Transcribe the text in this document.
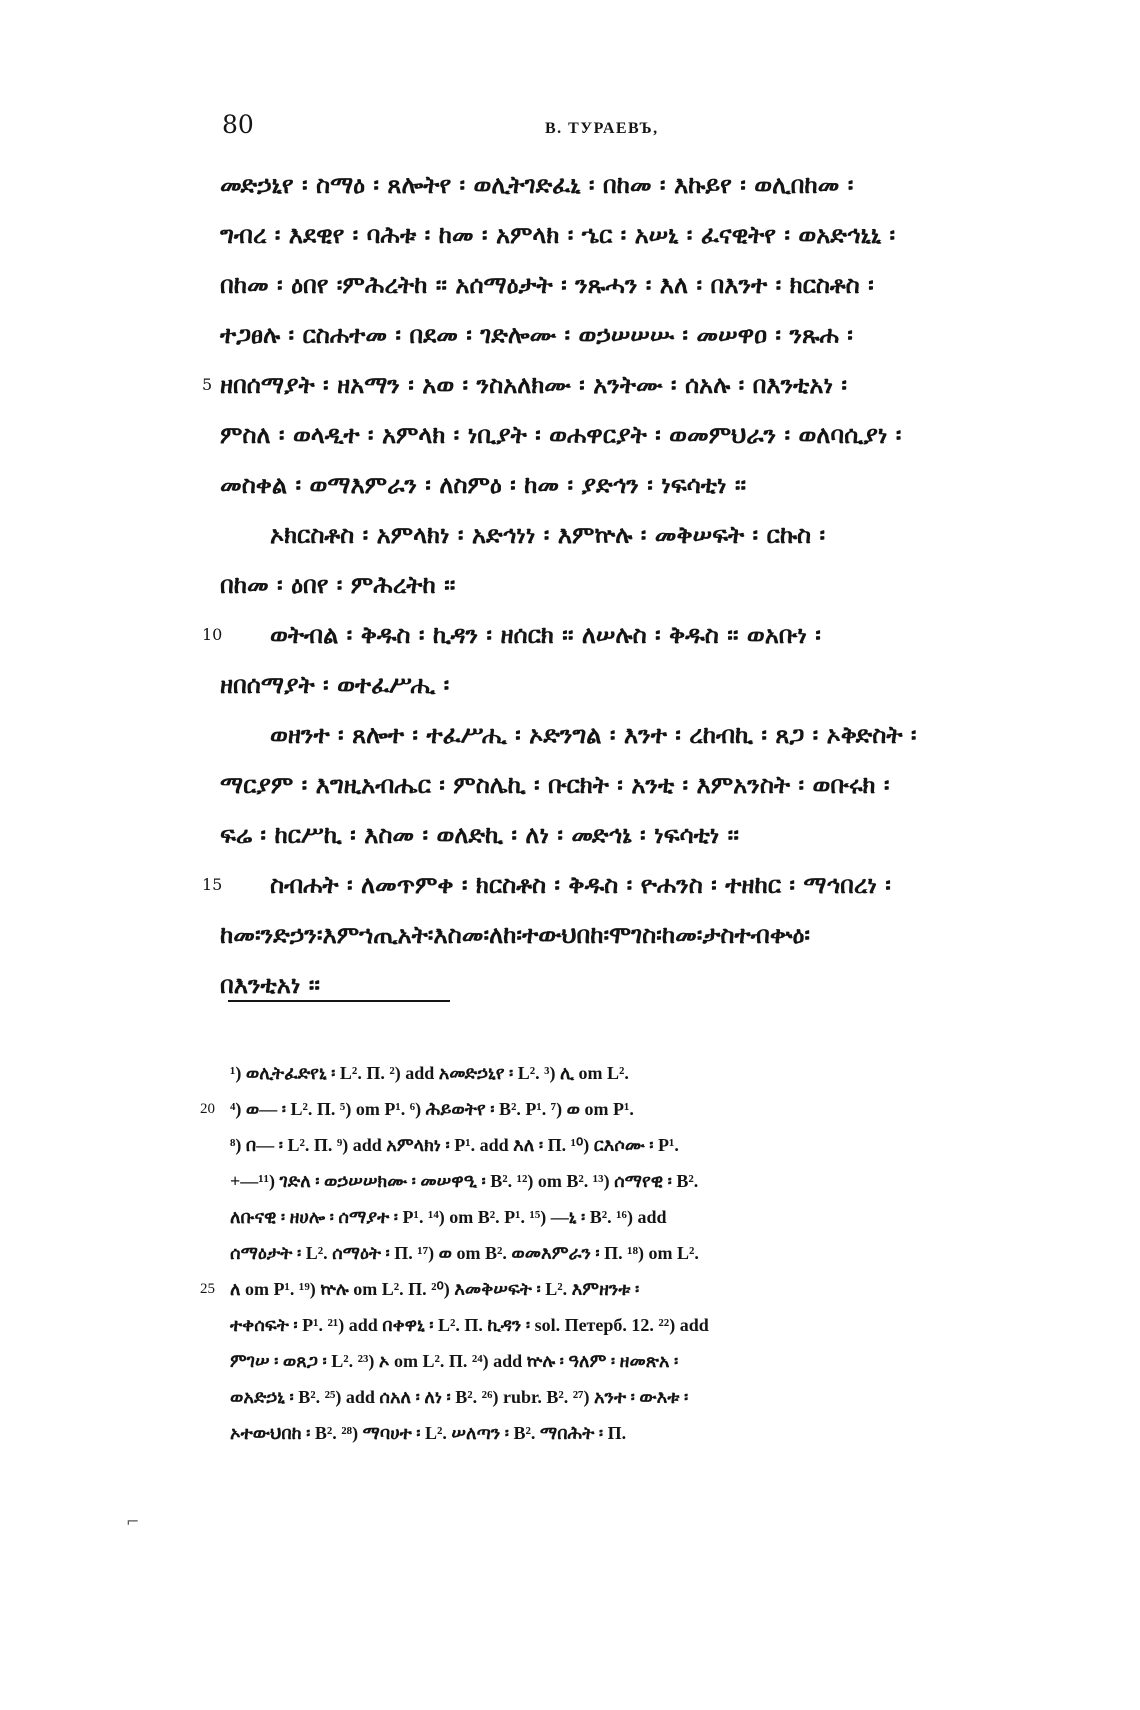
80	В. ТУРАЕВЪ,
መድኃኒየ ፡ ስማዕ ፡ ጸሎትየ ፡ ወሊትገድፈኒ ፡ በከመ ፡ እኩይየ ፡ ወሊበከመ ፡
ግብረ ፡ እደዊየ ፡ ባሕቱ ፡ ከመ ፡ አምላክ ፡ ኄር ፡ አሠኒ ፡ ፈናዊትየ ፡ ወአድኅኒኒ ፡
በከመ ፡ ዕበየ ፡ምሕረትከ ፡፡ አሰማዕታት ፡ ንጹሓን ፡ እለ ፡ በእንተ ፡ ክርስቶስ ፡
ተጋፀሉ ፡ ርስሐተመ ፡ በደመ ፡ ገድሎሙ ፡ ወኃሠሠሡ ፡ መሠዋዐ ፡ ንጹሐ ፡
5 ዘበሰማያት ፡ ዘአማን ፡ አወ ፡ ንስአለክሙ ፡ አንትሙ ፡ ሰአሉ ፡ በእንቲአነ ፡
ምስለ ፡ ወላዲተ ፡ አምላክ ፡ ነቢያት ፡ ወሐዋርያት ፡ ወመምህራን ፡ ወለባሲያነ ፡
መስቀል ፡ ወማእምራን ፡ ለስምዕ ፡ ከመ ፡ ያድኅን ፡ ነፍሳቲነ ፡፡
ኦክርስቶስ ፡ አምላክነ ፡ አድኅነነ ፡ እምኵሉ ፡ መቅሠፍት ፡ ርኩስ ፡
በከመ ፡ ዕበየ ፡ ምሕረትከ ፡፡
10 ወትብል ፡ ቅዱስ ፡ ኪዳን ፡ ዘሰርክ ፡፡ ለሠሉስ ፡ ቅዱስ ፡፡ ወአቡነ ፡
ዘበሰማያት ፡ ወተፈሥሒ ፡
ወዘንተ ፡ ጸሎተ ፡ ተፈሥሒ ፡ ኦድንግል ፡ እንተ ፡ ረከብኪ ፡ ጸጋ ፡ ኦቅድስት ፡
ማርያም ፡ እግዚአብሔር ፡ ምስሌኪ ፡ ቡርክት ፡ አንቲ ፡ እምአንስት ፡ ወቡሩክ ፡
ፍሬ ፡ ከርሥኪ ፡ እስመ ፡ ወለድኪ ፡ ለነ ፡ መድኅኔ ፡ ነፍሳቲነ ፡፡
15 ስብሐት ፡ ለመጥምቀ ፡ ክርስቶስ ፡ ቅዱስ ፡ ዮሐንስ ፡ ተዘከር ፡ ማኅበረነ ፡
ከመ፡ንድኃን፡እምኀጢአት፡እስመ፡ለከ፡ተውህበከ፡ሞገስ፡ከመ፡ታስተብቍዕ፡
በእንቲአነ ፡፡
¹) ወሊትፈድየኒ ፡ L². П. ²) add አመድኃኒየ ፡ L². ³) ሊ om L².
20 ⁴) ወ— ፡ L². П. ⁵) om P¹. ⁶) ሕይወትየ ፡ B². P¹. ⁷) ወ om P¹.
⁸) በ— ፡ L². П. ⁹) add አምላክነ ፡ P¹. add እለ ፡ П. ¹⁰) ርእሶሙ ፡ P¹.
+—¹¹) ገድለ ፡ ወኃሠሠክሙ ፡ መሠዋዒ ፡ B². ¹²) om B². ¹³) ሰማየዊ ፡ B².
ለቡናዊ ፡ ዘሀሎ ፡ ሰማያተ ፡ P¹. ¹⁴) om B². P¹. ¹⁵) —ኒ ፡ B². ¹⁶) add
ሰማዕታት ፡ L². ሰማዕት ፡ П. ¹⁷) ወ om B². ወመእምራን ፡ П. ¹⁸) om L².
25 ለ om P¹. ¹⁹) ኵሉ om L². П. ²⁰) እመቅሠፍት ፡ L². እምዘንቱ ፡
ተቀሰፍት ፡ P¹. ²¹) add በቀዋኒ ፡ L². П. ኪዳን ፡ sol. Петерб. 12. ²²) add
ምገሠ ፡ ወጸጋ ፡ L². ²³) ኦ om L². П. ²⁴) add ኵሉ ፡ ዓለም ፡ ዘመጽአ ፡
ወአድኃኒ ፡ B². ²⁵) add ሰአለ ፡ ለነ ፡ B². ²⁶) rubr. B². ²⁷) አንተ ፡ ውእቱ ፡
ኦተውህበከ ፡ B². ²⁸) ማባሀተ ፡ L². ሠለጣን ፡ B². ማበሕት ፡ П.
⌐
